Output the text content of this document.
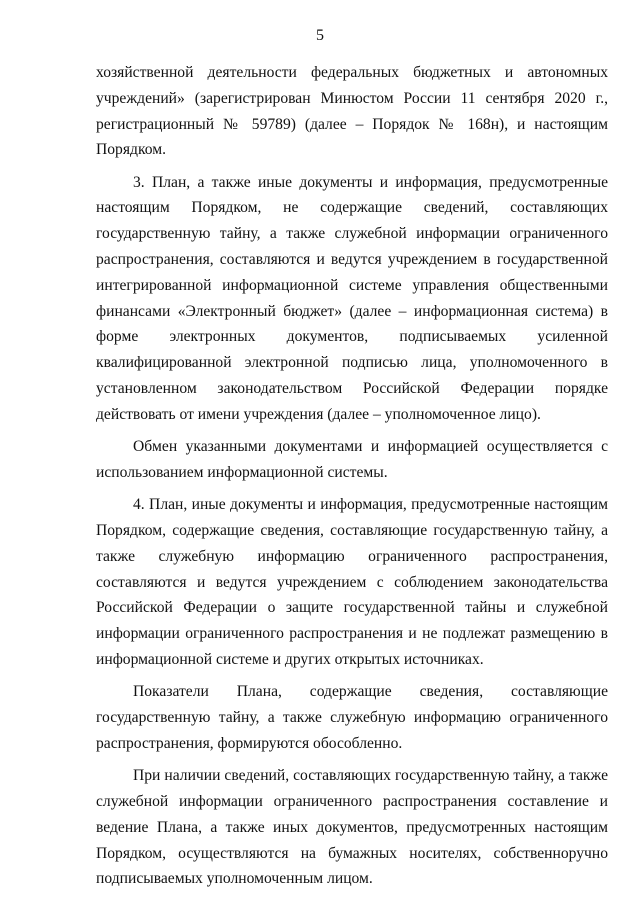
5

хозяйственной деятельности федеральных бюджетных и автономных учреждений» (зарегистрирован Минюстом России 11 сентября 2020 г., регистрационный № 59789) (далее – Порядок № 168н), и настоящим Порядком.

3. План, а также иные документы и информация, предусмотренные настоящим Порядком, не содержащие сведений, составляющих государственную тайну, а также служебной информации ограниченного распространения, составляются и ведутся учреждением в государственной интегрированной информационной системе управления общественными финансами «Электронный бюджет» (далее – информационная система) в форме электронных документов, подписываемых усиленной квалифицированной электронной подписью лица, уполномоченного в установленном законодательством Российской Федерации порядке действовать от имени учреждения (далее – уполномоченное лицо).

Обмен указанными документами и информацией осуществляется с использованием информационной системы.

4. План, иные документы и информация, предусмотренные настоящим Порядком, содержащие сведения, составляющие государственную тайну, а также служебную информацию ограниченного распространения, составляются и ведутся учреждением с соблюдением законодательства Российской Федерации о защите государственной тайны и служебной информации ограниченного распространения и не подлежат размещению в информационной системе и других открытых источниках.

Показатели Плана, содержащие сведения, составляющие государственную тайну, а также служебную информацию ограниченного распространения, формируются обособленно.

При наличии сведений, составляющих государственную тайну, а также служебной информации ограниченного распространения составление и ведение Плана, а также иных документов, предусмотренных настоящим Порядком, осуществляются на бумажных носителях, собственноручно подписываемых уполномоченным лицом.
